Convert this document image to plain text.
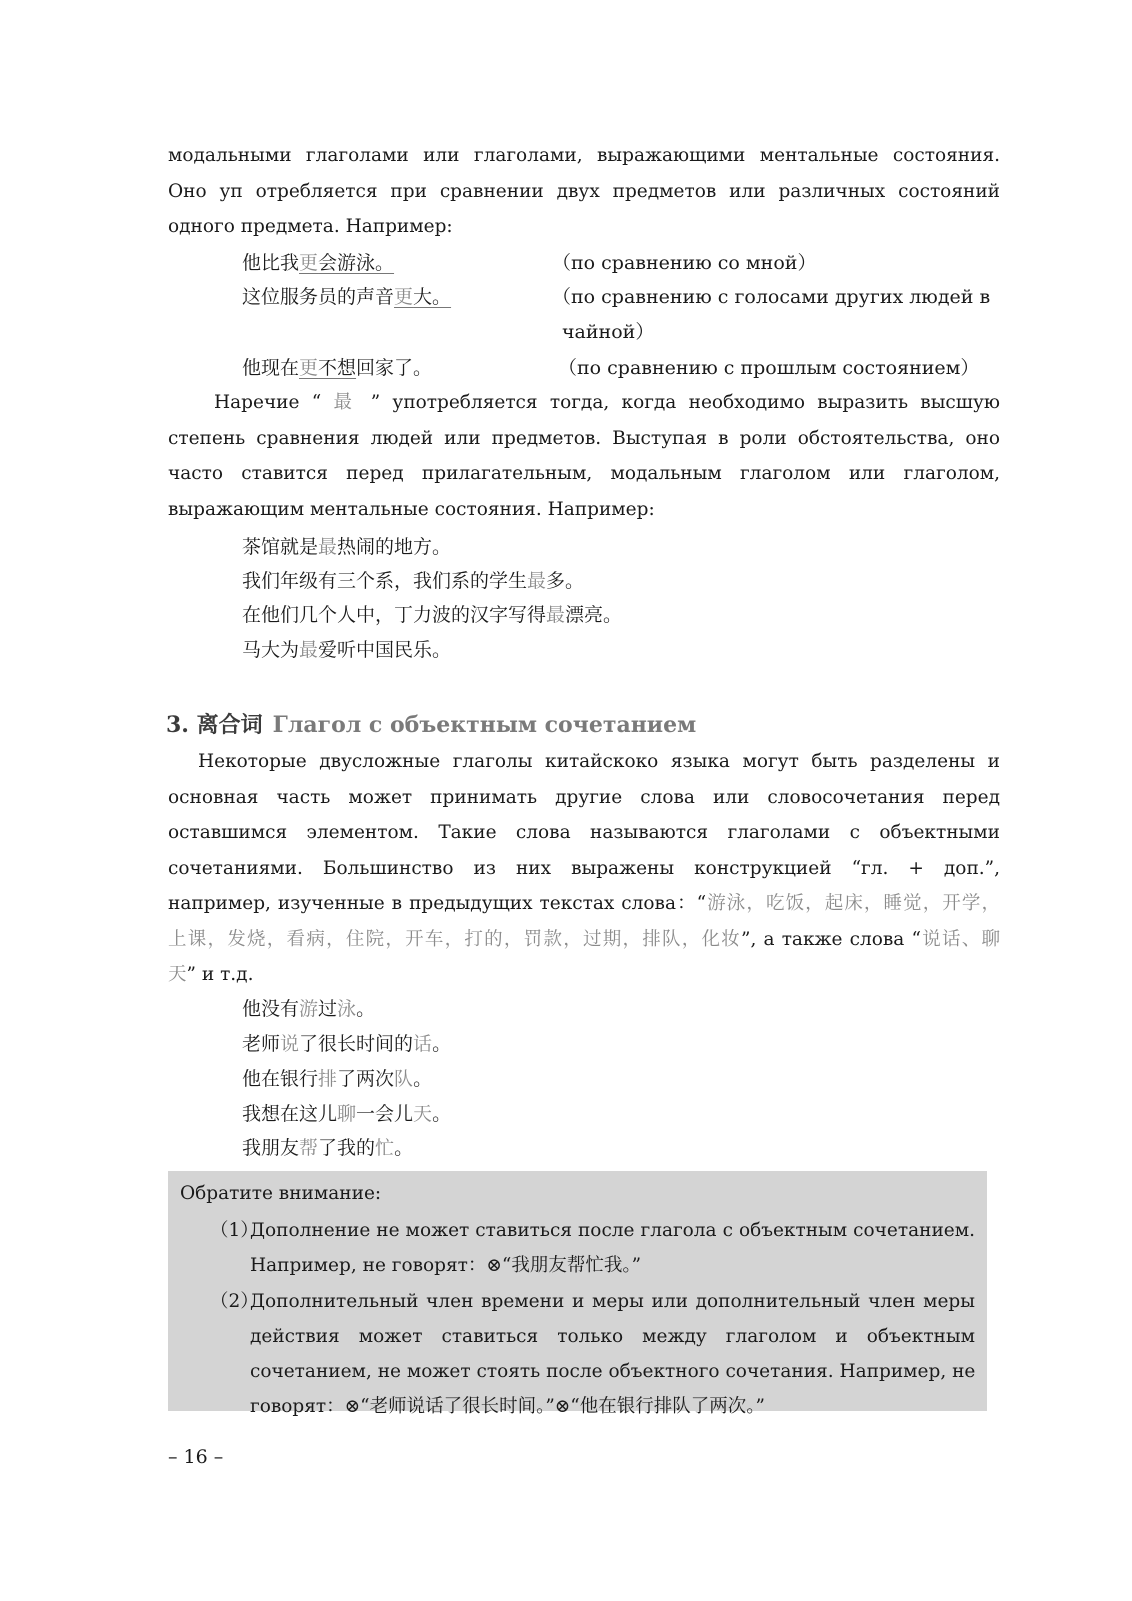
модальными глаголами или глаголами, выражающими ментальные состояния.
Оно уп отребляется при сравнении двух предметов или различных состояний
одного предмета. Например:
他比我更会游泳。	（по сравнению со мной）
这位服务员的声音更大。	（по сравнению с голосами других людей в
чайной）
他现在更不想回家了。	（по сравнению с прошлым состоянием）
Наречие “ 最 ” употребляется тогда, когда необходимо выразить высшую
степень сравнения людей или предметов. Выступая в роли обстоятельства, оно
часто ставится перед прилагательным, модальным глаголом или глаголом,
выражающим ментальные состояния. Например:
茶馆就是最热闹的地方。
我们年级有三个系，我们系的学生最多。
在他们几个人中，丁力波的汉字写得最漂亮。
马大为最爱听中国民乐。
3. 离合词 Глагол с объектным сочетанием
Некоторые двусложные глаголы китайскоко языка могут быть разделены и
основная часть может принимать другие слова или словосочетания перед
оставшимся элементом. Такие слова называются глаголами с объектными
сочетаниями. Большинство из них выражены конструкцией “гл. + доп.”,
например, изученные в предыдущих текстах слова：“游泳，吃饭，起床，睡觉，开学，
上课，发烧，看病，住院，开车，打的，罚款，过期，排队，化妆”, а также слова “说话、聊
天” и т.д.
他没有游过泳。
老师说了很长时间的话。
他在银行排了两次队。
我想在这儿聊一会儿天。
我朋友帮了我的忙。
Обратите внимание:
（1）
Дополнение не может ставиться после глагола с объектным сочетанием.
Например, не говорят：⊗“我朋友帮忙我。”
（2）
Дополнительный член времени и меры или дополнительный член меры
действия может ставиться только между глаголом и объектным
сочетанием, не может стоять после объектного сочетания. Например, не
говорят：⊗“老师说话了很长时间。”⊗“他在银行排队了两次。”
– 16 –
